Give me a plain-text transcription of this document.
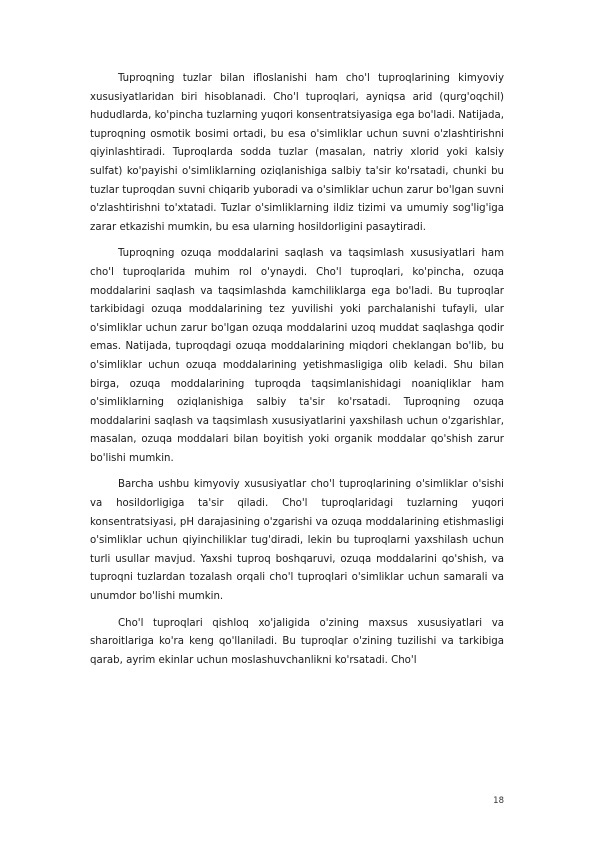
Tuproqning tuzlar bilan ifloslanishi ham cho'l tuproqlarining kimyoviy xususiyatlaridan biri hisoblanadi. Cho'l tuproqlari, ayniqsa arid (qurg'oqchil) hududlarda, ko'pincha tuzlarning yuqori konsentratsiyasiga ega bo'ladi. Natijada, tuproqning osmotik bosimi ortadi, bu esa o'simliklar uchun suvni o'zlashtirishni qiyinlashtiradi. Tuproqlarda sodda tuzlar (masalan, natriy xlorid yoki kalsiy sulfat) ko'payishi o'simliklarning oziqlanishiga salbiy ta'sir ko'rsatadi, chunki bu tuzlar tuproqdan suvni chiqarib yuboradi va o'simliklar uchun zarur bo'lgan suvni o'zlashtirishni to'xtatadi. Tuzlar o'simliklarning ildiz tizimi va umumiy sog'lig'iga zarar etkazishi mumkin, bu esa ularning hosildorligini pasaytiradi.

Tuproqning ozuqa moddalarini saqlash va taqsimlash xususiyatlari ham cho'l tuproqlarida muhim rol o'ynaydi. Cho'l tuproqlari, ko'pincha, ozuqa moddalarini saqlash va taqsimlashda kamchiliklarga ega bo'ladi. Bu tuproqlar tarkibidagi ozuqa moddalarining tez yuvilishi yoki parchalanishi tufayli, ular o'simliklar uchun zarur bo'lgan ozuqa moddalarini uzoq muddat saqlashga qodir emas. Natijada, tuproqdagi ozuqa moddalarining miqdori cheklangan bo'lib, bu o'simliklar uchun ozuqa moddalarining yetishmasligiga olib keladi. Shu bilan birga, ozuqa moddalarining tuproqda taqsimlanishidagi noaniqliklar ham o'simliklarning oziqlanishiga salbiy ta'sir ko'rsatadi. Tuproqning ozuqa moddalarini saqlash va taqsimlash xususiyatlarini yaxshilash uchun o'zgarishlar, masalan, ozuqa moddalari bilan boyitish yoki organik moddalar qo'shish zarur bo'lishi mumkin.

Barcha ushbu kimyoviy xususiyatlar cho'l tuproqlarining o'simliklar o'sishi va hosildorligiga ta'sir qiladi. Cho'l tuproqlaridagi tuzlarning yuqori konsentratsiyasi, pH darajasining o'zgarishi va ozuqa moddalarining etishmasligi o'simliklar uchun qiyinchiliklar tug'diradi, lekin bu tuproqlarni yaxshilash uchun turli usullar mavjud. Yaxshi tuproq boshqaruvi, ozuqa moddalarini qo'shish, va tuproqni tuzlardan tozalash orqali cho'l tuproqlari o'simliklar uchun samarali va unumdor bo'lishi mumkin.

Cho'l tuproqlari qishloq xo'jaligida o'zining maxsus xususiyatlari va sharoitlariga ko'ra keng qo'llaniladi. Bu tuproqlar o'zining tuzilishi va tarkibiga qarab, ayrim ekinlar uchun moslashuvchanlikni ko'rsatadi. Cho'l

18
